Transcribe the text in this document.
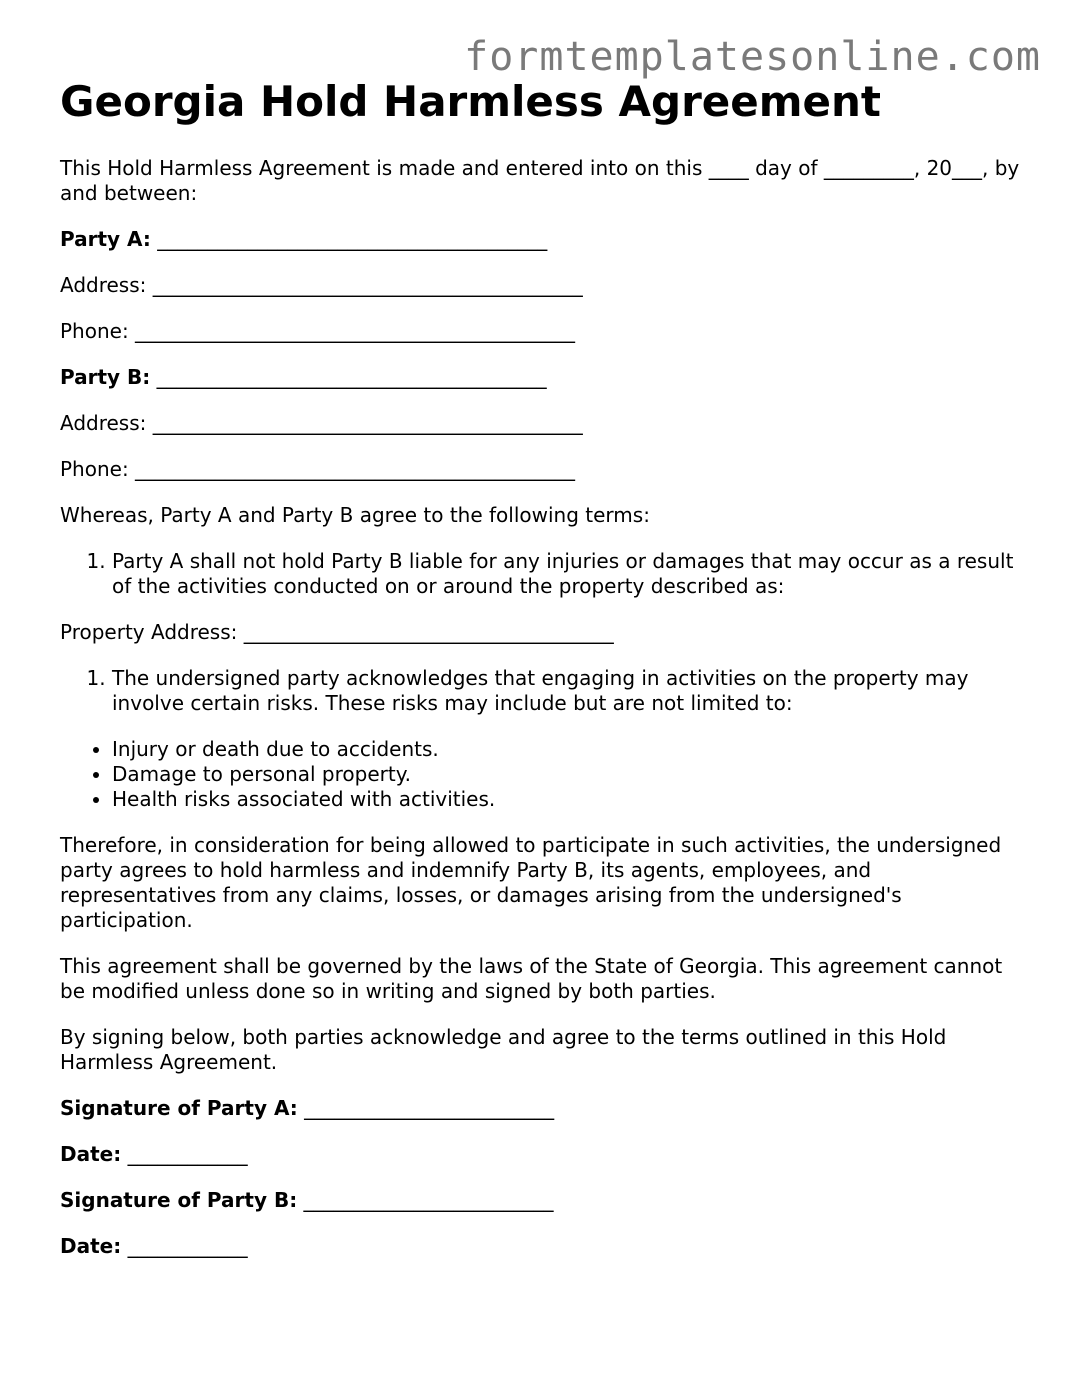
formtemplatesonline.com
Georgia Hold Harmless Agreement

This Hold Harmless Agreement is made and entered into on this ____ day of _________, 20___, by and between:

Party A: _______________________________________
Address: ___________________________________________
Phone: ____________________________________________
Party B: _______________________________________
Address: ___________________________________________
Phone: ____________________________________________

Whereas, Party A and Party B agree to the following terms:

1. Party A shall not hold Party B liable for any injuries or damages that may occur as a result of the activities conducted on or around the property described as:
Property Address: _____________________________________
1. The undersigned party acknowledges that engaging in activities on the property may involve certain risks. These risks may include but are not limited to:
• Injury or death due to accidents.
• Damage to personal property.
• Health risks associated with activities.

Therefore, in consideration for being allowed to participate in such activities, the undersigned party agrees to hold harmless and indemnify Party B, its agents, employees, and representatives from any claims, losses, or damages arising from the undersigned's participation.

This agreement shall be governed by the laws of the State of Georgia. This agreement cannot be modified unless done so in writing and signed by both parties.

By signing below, both parties acknowledge and agree to the terms outlined in this Hold Harmless Agreement.

Signature of Party A: _________________________
Date: ____________
Signature of Party B: _________________________
Date: ____________
